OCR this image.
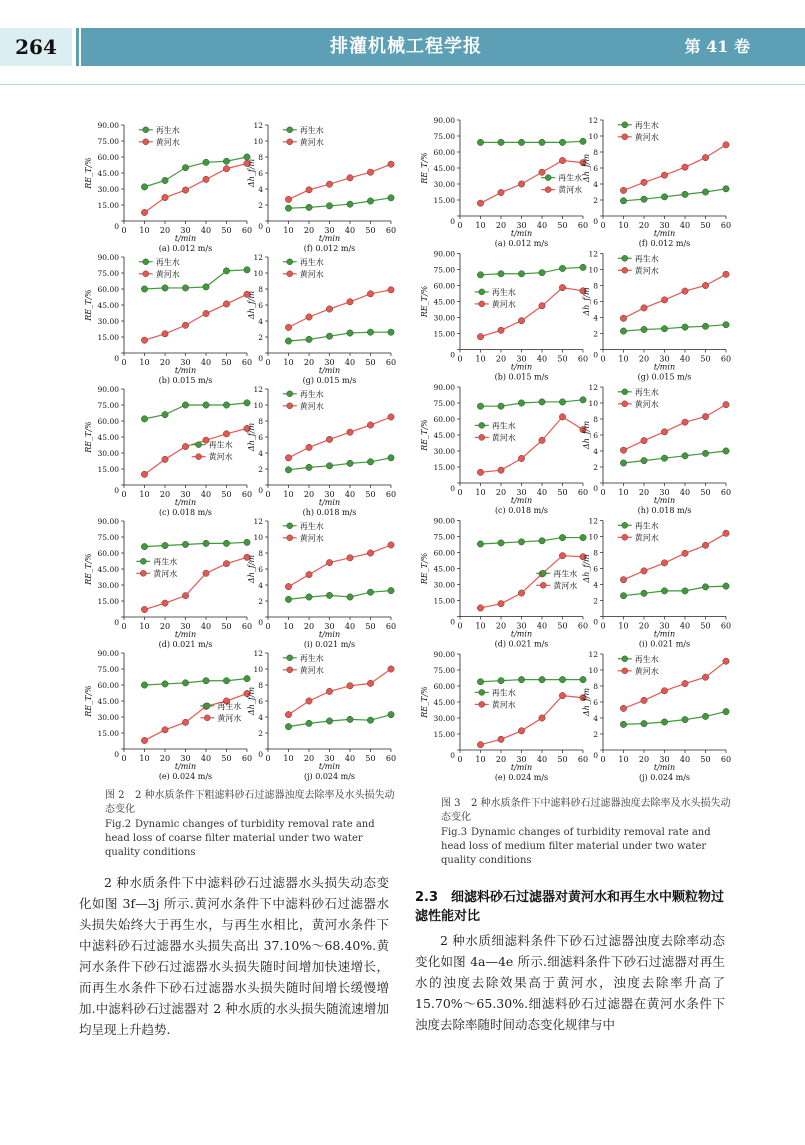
264	排灌机械工程学报	第 41 卷
0 10 20 30 40 50 60
15.00
30.00
45.00
60.00
75.00
90.00
0
t/min
RE_T/%
(a) 0.012 m/s
再生水
黄河水
0 10 20 30 40 50 60
15.00
30.00
45.00
60.00
75.00
90.00
0
t/min
RE_T/%
(b) 0.015 m/s
再生水
黄河水
0 10 20 30 40 50 60
15.00
30.00
45.00
60.00
75.00
90.00
0
t/min
RE_T/%
(c) 0.018 m/s
再生水
黄河水
0 10 20 30 40 50 60
15.00
30.00
45.00
60.00
75.00
90.00
0
t/min
RE_T/%
(d) 0.021 m/s
再生水
黄河水
0 10 20 30 40 50 60
15.00
30.00
45.00
60.00
75.00
90.00
0
t/min
RE_T/%
(e) 0.024 m/s
再生水
黄河水
0 10 20 30 40 50 60
2
4
6
8
10
12
0
t/min
Δh_f/m
(f) 0.012 m/s
再生水
黄河水
0 10 20 30 40 50 60
2
4
6
8
10
12
0
t/min
Δh_f/m
(g) 0.015 m/s
再生水
黄河水
0 10 20 30 40 50 60
2
4
6
8
10
12
0
t/min
Δh_f/m
(h) 0.018 m/s
再生水
黄河水
0 10 20 30 40 50 60
2
4
6
8
10
12
0
t/min
Δh_f/m
(i) 0.021 m/s
再生水
黄河水
0 10 20 30 40 50 60
2
4
6
8
10
12
0
t/min
Δh_f/m
(j) 0.024 m/s
再生水
黄河水
0 10 20 30 40 50 60
15.00
30.00
45.00
60.00
75.00
90.00
0
t/min
RE_T/%
(a) 0.012 m/s
再生水
黄河水
0 10 20 30 40 50 60
15.00
30.00
45.00
60.00
75.00
90.00
0
t/min
RE_T/%
(b) 0.015 m/s
再生水
黄河水
0 10 20 30 40 50 60
15.00
30.00
45.00
60.00
75.00
90.00
0
t/min
RE_T/%
(c) 0.018 m/s
再生水
黄河水
0 10 20 30 40 50 60
15.00
30.00
45.00
60.00
75.00
90.00
0
t/min
RE_T/%
(d) 0.021 m/s
再生水
黄河水
0 10 20 30 40 50 60
15.00
30.00
45.00
60.00
75.00
90.00
0
t/min
RE_T/%
(e) 0.024 m/s
再生水
黄河水
0 10 20 30 40 50 60
2
4
6
8
10
12
0
t/min
Δh_f/m
(f) 0.012 m/s
再生水
黄河水
0 10 20 30 40 50 60
2
4
6
8
10
12
0
t/min
Δh_f/m
(g) 0.015 m/s
再生水
黄河水
0 10 20 30 40 50 60
2
4
6
8
10
12
0
t/min
Δh_f/m
(h) 0.018 m/s
再生水
黄河水
0 10 20 30 40 50 60
2
4
6
8
10
12
0
t/min
Δh_f/m
(i) 0.021 m/s
再生水
黄河水
0 10 20 30 40 50 60
2
4
6
8
10
12
0
t/min
Δh_f/m
(j) 0.024 m/s
再生水
黄河水
图 2 2 种水质条件下粗滤料砂石过滤器浊度去除率及水头损失动态变化
Fig.2 Dynamic changes of turbidity removal rate and head loss of coarse filter material under two water quality conditions
图 3 2 种水质条件下中滤料砂石过滤器浊度去除率及水头损失动态变化
Fig.3 Dynamic changes of turbidity removal rate and head loss of medium filter material under two water quality conditions
2 种水质条件下中滤料砂石过滤器水头损失动态变化如图 3f—3j 所示.黄河水条件下中滤料砂石过滤器水头损失始终大于再生水，与再生水相比，黄河水条件下中滤料砂石过滤器水头损失高出 37.10%～68.40%.黄河水条件下砂石过滤器水头损失随时间增加快速增长，而再生水条件下砂石过滤器水头损失随时间增长缓慢增加.中滤料砂石过滤器对 2 种水质的水头损失随流速增加均呈现上升趋势.
2.3　细滤料砂石过滤器对黄河水和再生水中颗粒物过滤性能对比
2 种水质细滤料条件下砂石过滤器浊度去除率动态变化如图 4a—4e 所示.细滤料条件下砂石过滤器对再生水的浊度去除效果高于黄河水，浊度去除率升高了 15.70%～65.30%.细滤料砂石过滤器在黄河水条件下浊度去除率随时间动态变化规律与中
